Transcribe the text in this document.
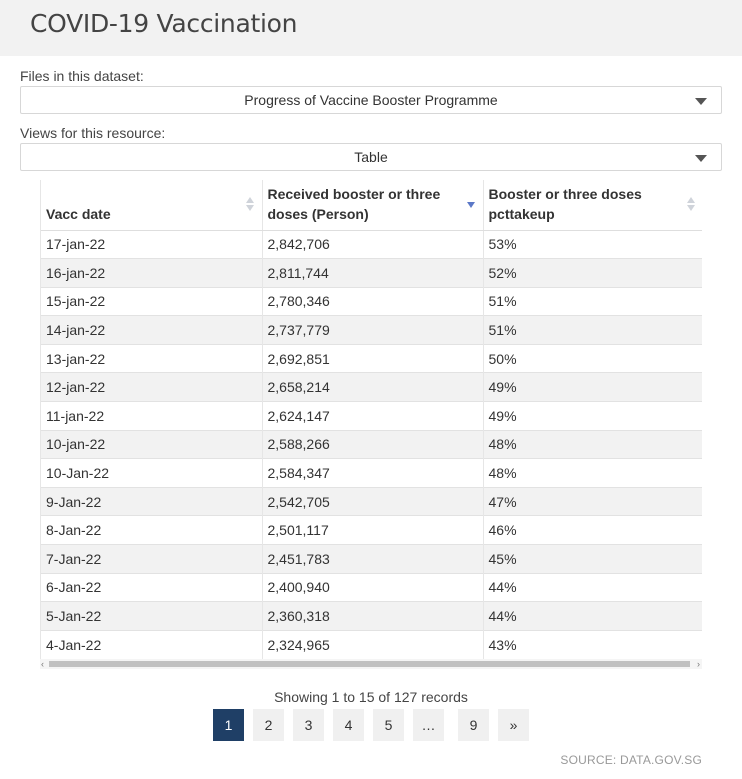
COVID-19 Vaccination
Files in this dataset:
Progress of Vaccine Booster Programme
Views for this resource:
Table
Vacc date	Received booster or three doses (Person)	Booster or three doses pcttakeup

17-jan-22	2,842,706	53%
16-jan-22	2,811,744	52%
15-jan-22	2,780,346	51%
14-jan-22	2,737,779	51%
13-jan-22	2,692,851	50%
12-jan-22	2,658,214	49%
11-jan-22	2,624,147	49%
10-jan-22	2,588,266	48%
10-Jan-22	2,584,347	48%
9-Jan-22	2,542,705	47%
8-Jan-22	2,501,117	46%
7-Jan-22	2,451,783	45%
6-Jan-22	2,400,940	44%
5-Jan-22	2,360,318	44%
4-Jan-22	2,324,965	43%
‹	›
Showing 1 to 15 of 127 records
1	2	3	4	5	…	9	»
SOURCE: DATA.GOV.SG
